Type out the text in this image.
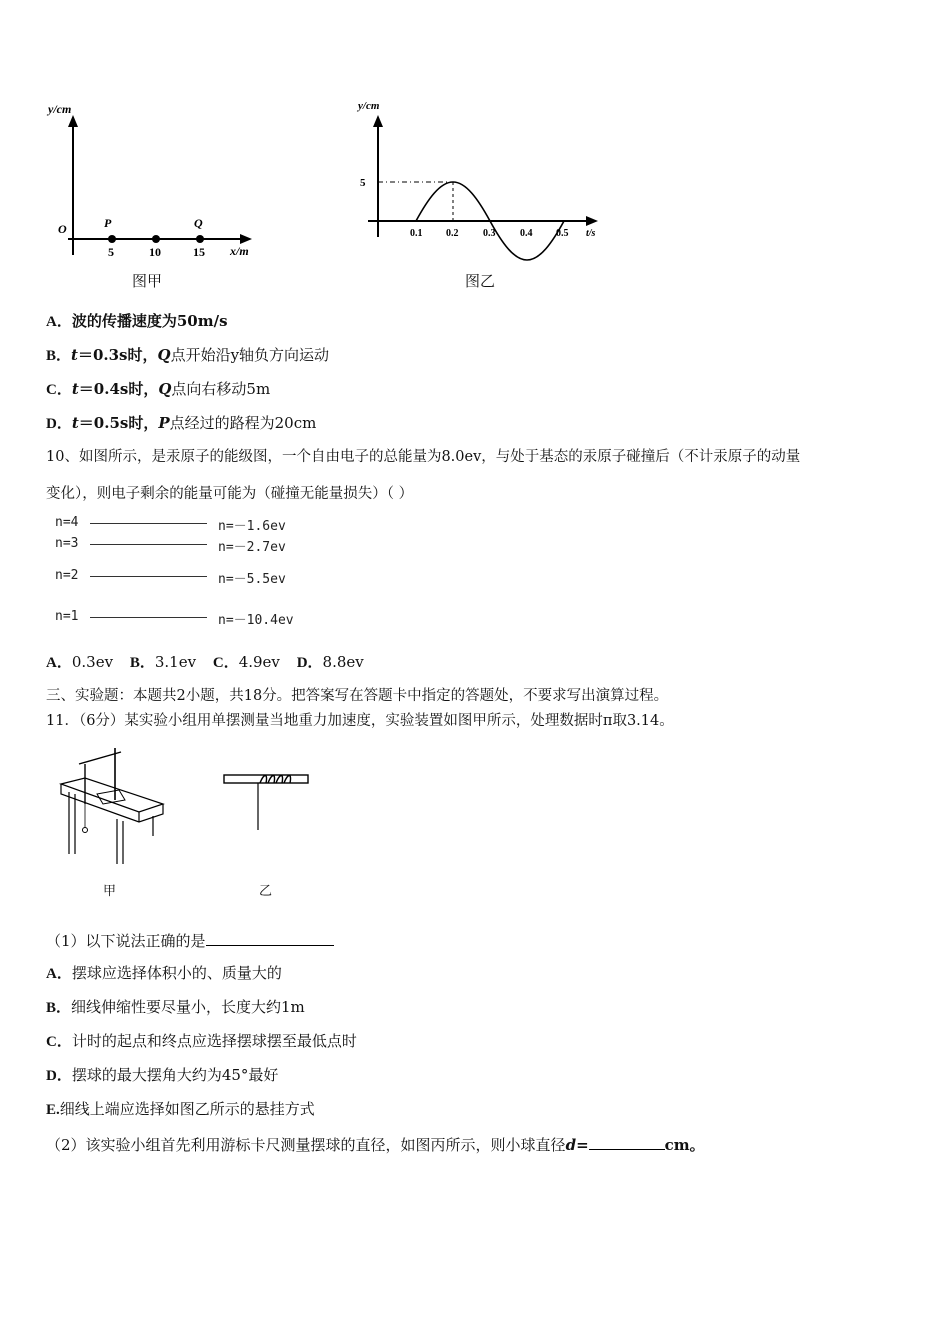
y/cm
O	P	Q
5	10	15 x/m
图甲
y/cm
5
0.1 0.2 0.3 0.4 0.5 t/s
图乙
A．波的传播速度为50m/s
B．t＝0.3s时，Q点开始沿y轴负方向运动
C．t＝0.4s时，Q点向右移动5m
D．t＝0.5s时，P点经过的路程为20cm
10、如图所示，是汞原子的能级图，一个自由电子的总能量为8.0ev，与处于基态的汞原子碰撞后（不计汞原子的动量
变化），则电子剩余的能量可能为（碰撞无能量损失）（ ）
n=4	n=－1.6ev
n=3	n=－2.7ev
n=2	n=－5.5ev
n=1	n=－10.4ev
A．0.3ev B．3.1ev C．4.9ev D．8.8ev
三、实验题：本题共2小题，共18分。把答案写在答题卡中指定的答题处，不要求写出演算过程。
11．（6分）某实验小组用单摆测量当地重力加速度，实验装置如图甲所示，处理数据时π取3.14。
甲	乙
（1）以下说法正确的是
A．摆球应选择体积小的、质量大的
B．细线伸缩性要尽量小，长度大约1m
C．计时的起点和终点应选择摆球摆至最低点时
D．摆球的最大摆角大约为45°最好
E.细线上端应选择如图乙所示的悬挂方式
（2）该实验小组首先利用游标卡尺测量摆球的直径，如图丙所示，则小球直径d=	cm。
